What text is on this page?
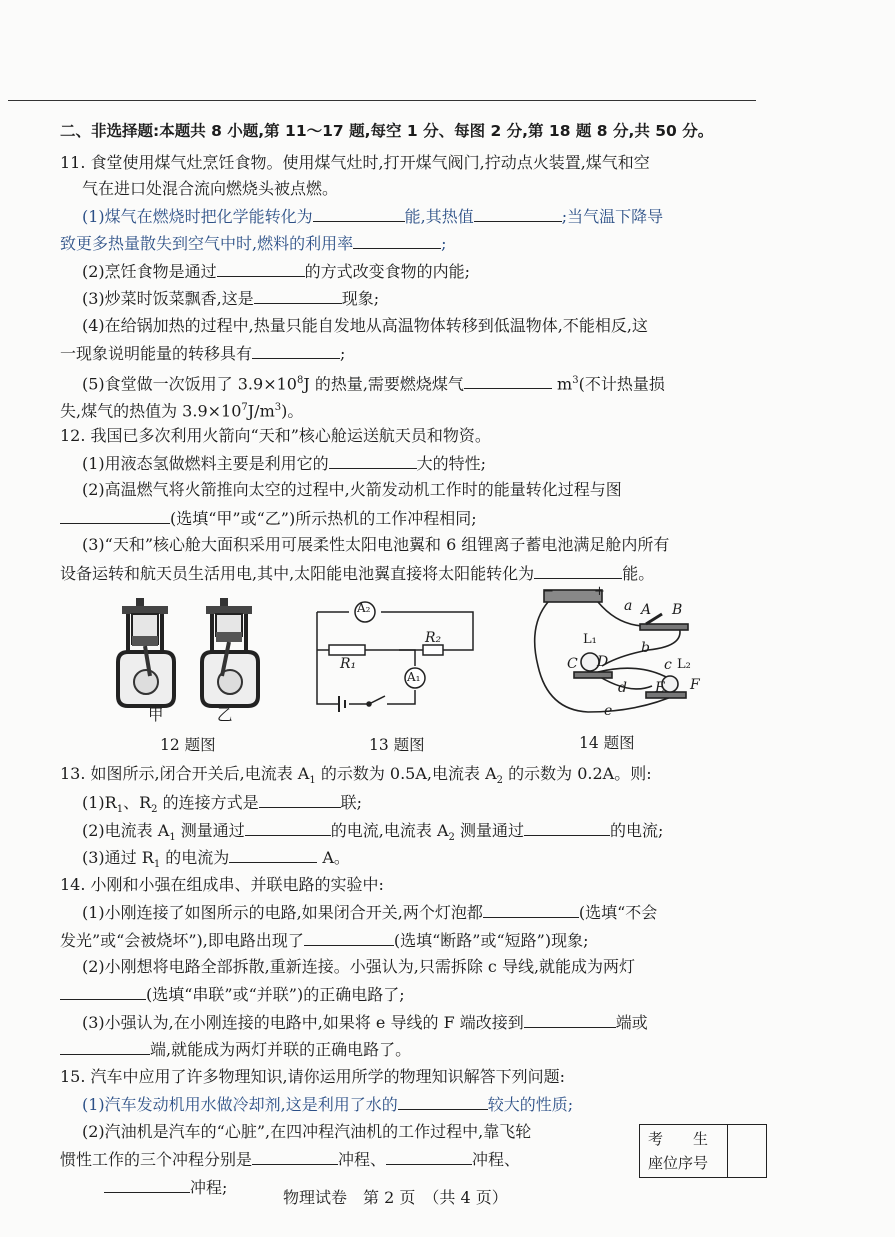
二、非选择题:本题共 8 小题,第 11～17 题,每空 1 分、每图 2 分,第 18 题 8 分,共 50 分。
11. 食堂使用煤气灶烹饪食物。使用煤气灶时,打开煤气阀门,拧动点火装置,煤气和空
气在进口处混合流向燃烧头被点燃。
(1)煤气在燃烧时把化学能转化为	能,其热值	;当气温下降导
致更多热量散失到空气中时,燃料的利用率	;
(2)烹饪食物是通过	的方式改变食物的内能;
(3)炒菜时饭菜飘香,这是	现象;
(4)在给锅加热的过程中,热量只能自发地从高温物体转移到低温物体,不能相反,这
一现象说明能量的转移具有	;
(5)食堂做一次饭用了 $3.9\times 10^8J$ 的热量,需要燃烧煤气	$m^3$(不计热量损
失,煤气的热值为 $3.9\times 10^7J/m^3$)。
12. 我国已多次利用火箭向“天和”核心舱运送航天员和物资。
(1)用液态氢做燃料主要是利用它的	大的特性;
(2)高温燃气将火箭推向太空的过程中,火箭发动机工作时的能量转化过程与图
(选填“甲”或“乙”)所示热机的工作冲程相同;
(3)“天和”核心舱大面积采用可展柔性太阳电池翼和 6 组锂离子蓄电池满足舱内所有
设备运转和航天员生活用电,其中,太阳能电池翼直接将太阳能转化为	能。
甲	乙
12 题图
A₂
A₁
R₁
R₂
13 题图
−	+
a A B
b
L₁
C D	c L₂
d E F
e
14 题图
13. 如图所示,闭合开关后,电流表 $A_1$ 的示数为 0.5A,电流表 $A_2$ 的示数为 0.2A。则:
$(1)R_1$、$R_2$ 的连接方式是	联;
(2)电流表 $A_1$ 测量通过	的电流,电流表 $A_2$ 测量通过	的电流;
(3)通过 $R_1$ 的电流为	A。
14. 小刚和小强在组成串、并联电路的实验中:
(1)小刚连接了如图所示的电路,如果闭合开关,两个灯泡都	(选填“不会
发光”或“会被烧坏”),即电路出现了	(选填“断路”或“短路”)现象;
(2)小刚想将电路全部拆散,重新连接。小强认为,只需拆除 c 导线,就能成为两灯
(选填“串联”或“并联”)的正确电路了;
(3)小强认为,在小刚连接的电路中,如果将 e 导线的 F 端改接到	端或
端,就能成为两灯并联的正确电路了。
15. 汽车中应用了许多物理知识,请你运用所学的物理知识解答下列问题:
(1)汽车发动机用水做冷却剂,这是利用了水的	较大的性质;
(2)汽油机是汽车的“心脏”,在四冲程汽油机的工作过程中,靠飞轮
惯性工作的三个冲程分别是	冲程、	冲程、
冲程;
考　　生
座位序号
物理试卷　第 2 页　（共 4 页）
